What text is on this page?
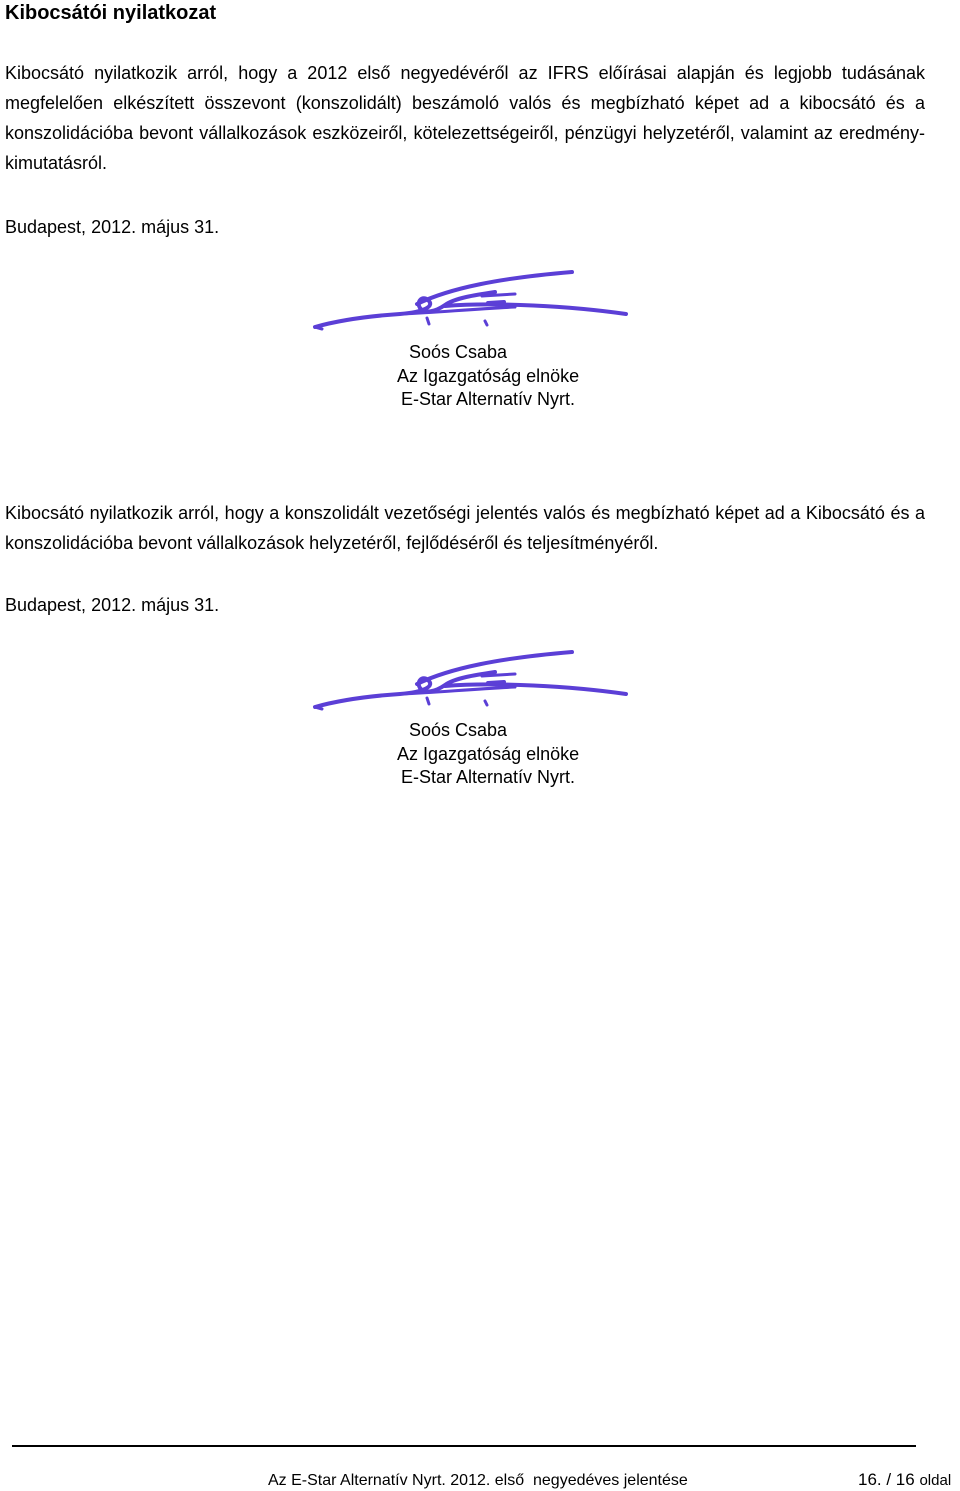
Kibocsátói nyilatkozat
Kibocsátó nyilatkozik arról, hogy a 2012 első negyedévéről az IFRS előírásai alapján és legjobb tudásának megfelelően elkészített összevont (konszolidált) beszámoló valós és megbízható képet ad a kibocsátó és a konszolidációba bevont vállalkozások eszközeiről, kötelezettségeiről, pénzügyi helyzetéről, valamint az eredmény-kimutatásról.
Budapest, 2012. május 31.
Soós Csaba
Az Igazgatóság elnöke
E-Star Alternatív Nyrt.
Kibocsátó nyilatkozik arról, hogy a konszolidált vezetőségi jelentés valós és megbízható képet ad a Kibocsátó és a konszolidációba bevont vállalkozások helyzetéről, fejlődéséről és teljesítményéről.
Budapest, 2012. május 31.
Soós Csaba
Az Igazgatóság elnöke
E-Star Alternatív Nyrt.
Az E-Star Alternatív Nyrt. 2012. első  negyedéves jelentése	16. / 16 oldal
